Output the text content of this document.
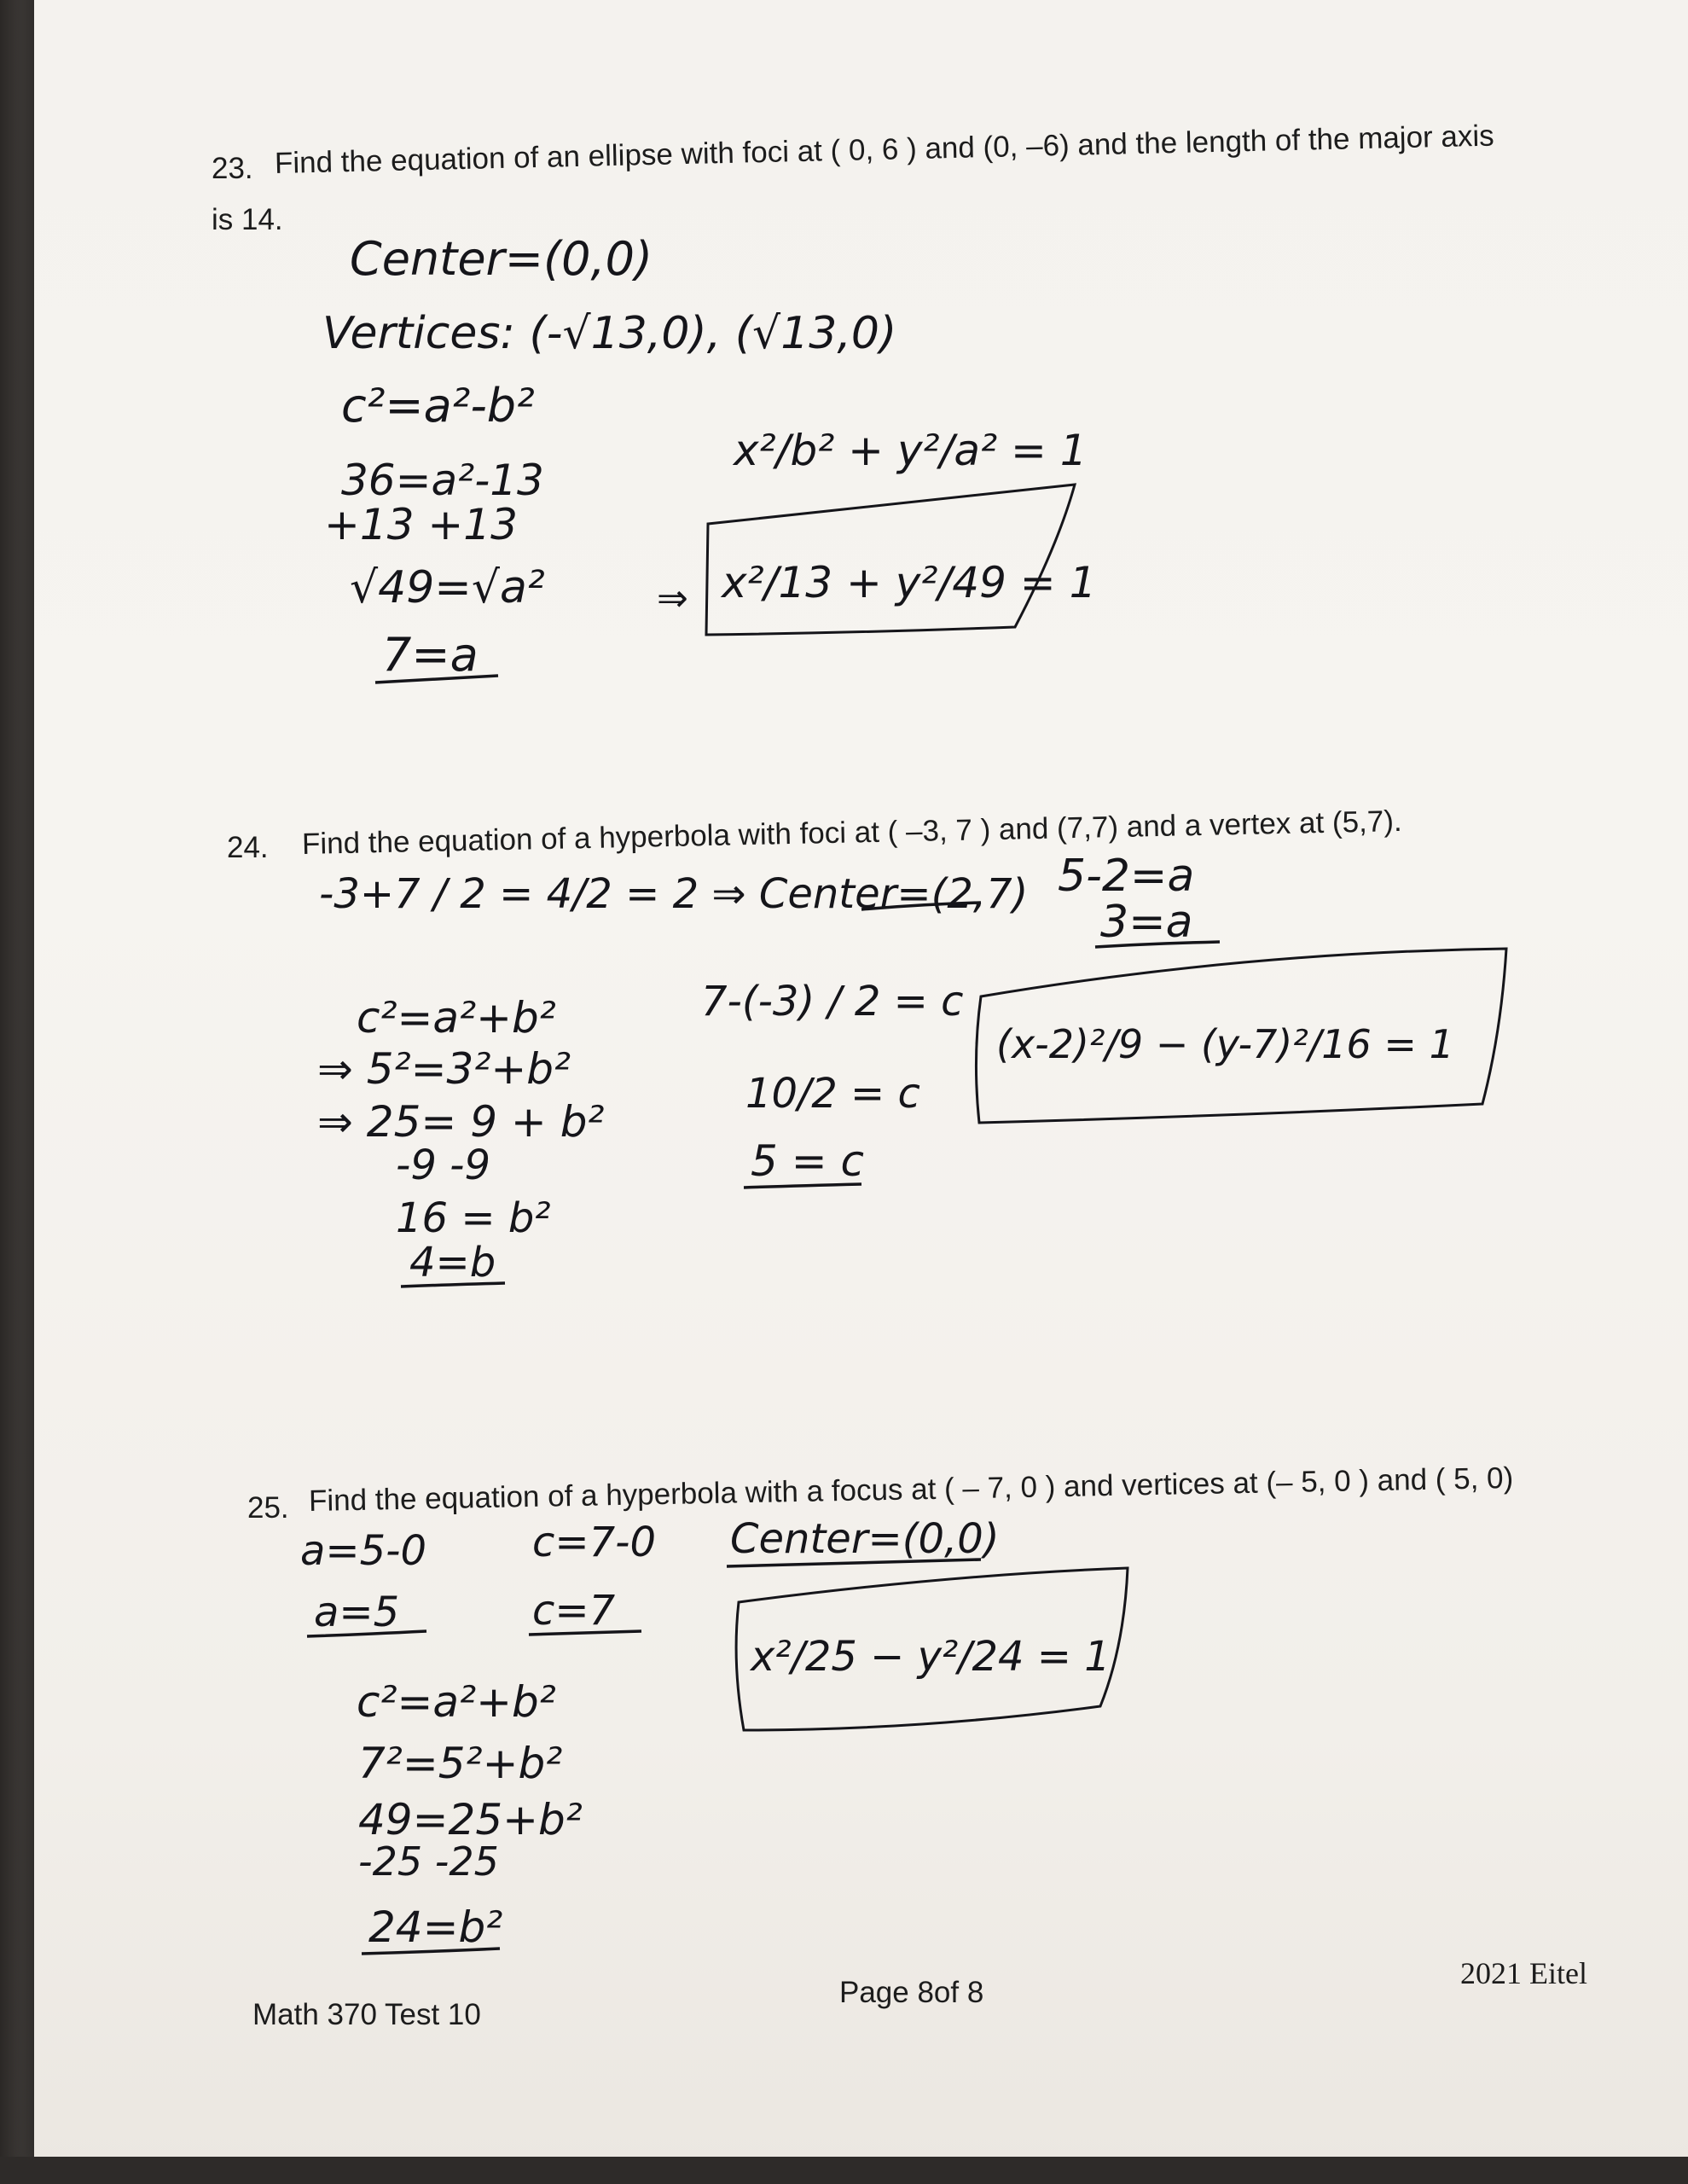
23. Find the equation of an ellipse with foci at ( 0, 6 ) and (0, –6) and the length of the major axis
is 14.
24. Find the equation of a hyperbola with foci at ( –3, 7 ) and (7,7) and a vertex at (5,7).
25. Find the equation of a hyperbola with a focus at ( – 7, 0 ) and vertices at (– 5, 0 ) and ( 5, 0)
Math 370 Test 10
Page 8of 8
2021 Eitel
Center=(0,0)
Vertices: (-√13,0), (√13,0)
c²=a²-b²
36=a²-13
+13 +13
√49=√a²
7=a
x²/b² + y²/a² = 1
⇒ x²/13 + y²/49 = 1
-3+7 / 2 = 4/2 = 2 ⇒ Center=(2,7) 5-2=a
3=a
c²=a²+b²
⇒ 5²=3²+b²
⇒ 25= 9 + b²
-9 -9
16 = b²
4=b
7-(-3) / 2 = c
10/2 = c
5 = c
(x-2)²/9 − (y-7)²/16 = 1
a=5-0
a=5
c=7-0
c=7
Center=(0,0)
x²/25 − y²/24 = 1
c²=a²+b²
7²=5²+b²
49=25+b²
-25 -25
24=b²
